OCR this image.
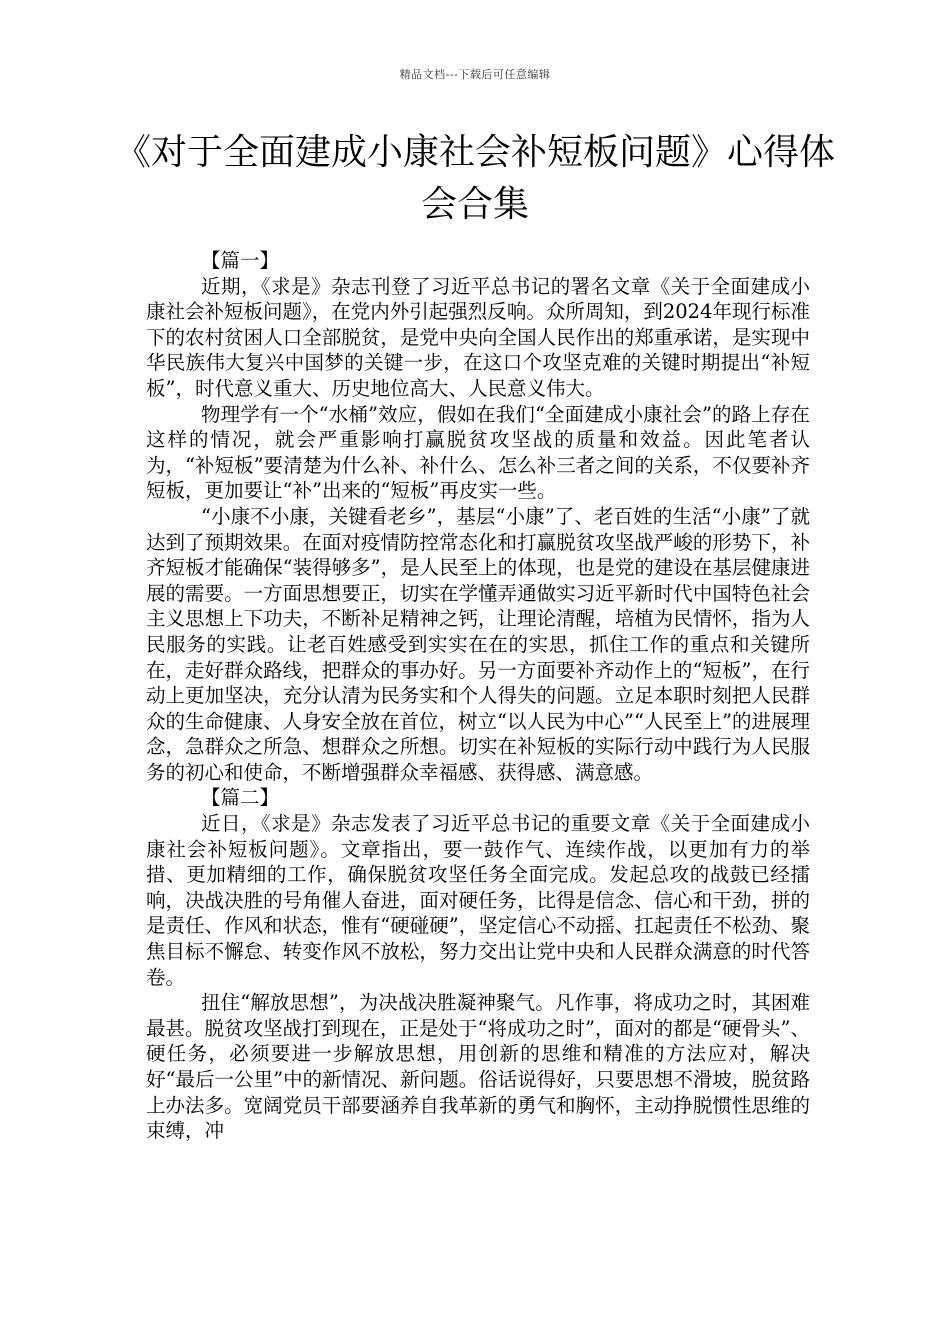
精品文档---下载后可任意编辑
《对于全面建成小康社会补短板问题》心得体会合集

【篇一】

近期，《求是》杂志刊登了习近平总书记的署名文章《关于全面建成小康社会补短板问题》，在党内外引起强烈反响。众所周知，到2024年现行标准下的农村贫困人口全部脱贫，是党中央向全国人民作出的郑重承诺，是实现中华民族伟大复兴中国梦的关键一步，在这口个攻坚克难的关键时期提出“补短板”，时代意义重大、历史地位高大、人民意义伟大。

物理学有一个“水桶”效应，假如在我们“全面建成小康社会”的路上存在这样的情况，就会严重影响打赢脱贫攻坚战的质量和效益。因此笔者认为，“补短板”要清楚为什么补、补什么、怎么补三者之间的关系，不仅要补齐短板，更加要让“补”出来的“短板”再皮实一些。

“小康不小康，关键看老乡”，基层“小康”了、老百姓的生活“小康”了就达到了预期效果。在面对疫情防控常态化和打赢脱贫攻坚战严峻的形势下，补齐短板才能确保“装得够多”，是人民至上的体现，也是党的建设在基层健康进展的需要。一方面思想要正，切实在学懂弄通做实习近平新时代中国特色社会主义思想上下功夫，不断补足精神之钙，让理论清醒，培植为民情怀，指为人民服务的实践。让老百姓感受到实实在在的实思，抓住工作的重点和关键所在，走好群众路线，把群众的事办好。另一方面要补齐动作上的“短板”，在行动上更加坚决，充分认清为民务实和个人得失的问题。立足本职时刻把人民群众的生命健康、人身安全放在首位，树立“以人民为中心”“人民至上”的进展理念，急群众之所急、想群众之所想。切实在补短板的实际行动中践行为人民服务的初心和使命，不断增强群众幸福感、获得感、满意感。

【篇二】

近日，《求是》杂志发表了习近平总书记的重要文章《关于全面建成小康社会补短板问题》。文章指出，要一鼓作气、连续作战，以更加有力的举措、更加精细的工作，确保脱贫攻坚任务全面完成。发起总攻的战鼓已经擂响，决战决胜的号角催人奋进，面对硬任务，比得是信念、信心和干劲，拼的是责任、作风和状态，惟有“硬碰硬”，坚定信心不动摇、扛起责任不松劲、聚焦目标不懈怠、转变作风不放松，努力交出让党中央和人民群众满意的时代答卷。

扭住“解放思想”，为决战决胜凝神聚气。凡作事，将成功之时，其困难最甚。脱贫攻坚战打到现在，正是处于“将成功之时”，面对的都是“硬骨头”、硬任务，必须要进一步解放思想，用创新的思维和精准的方法应对，解决好“最后一公里”中的新情况、新问题。俗话说得好，只要思想不滑坡，脱贫路上办法多。宽阔党员干部要涵养自我革新的勇气和胸怀，主动挣脱惯性思维的束缚，冲
